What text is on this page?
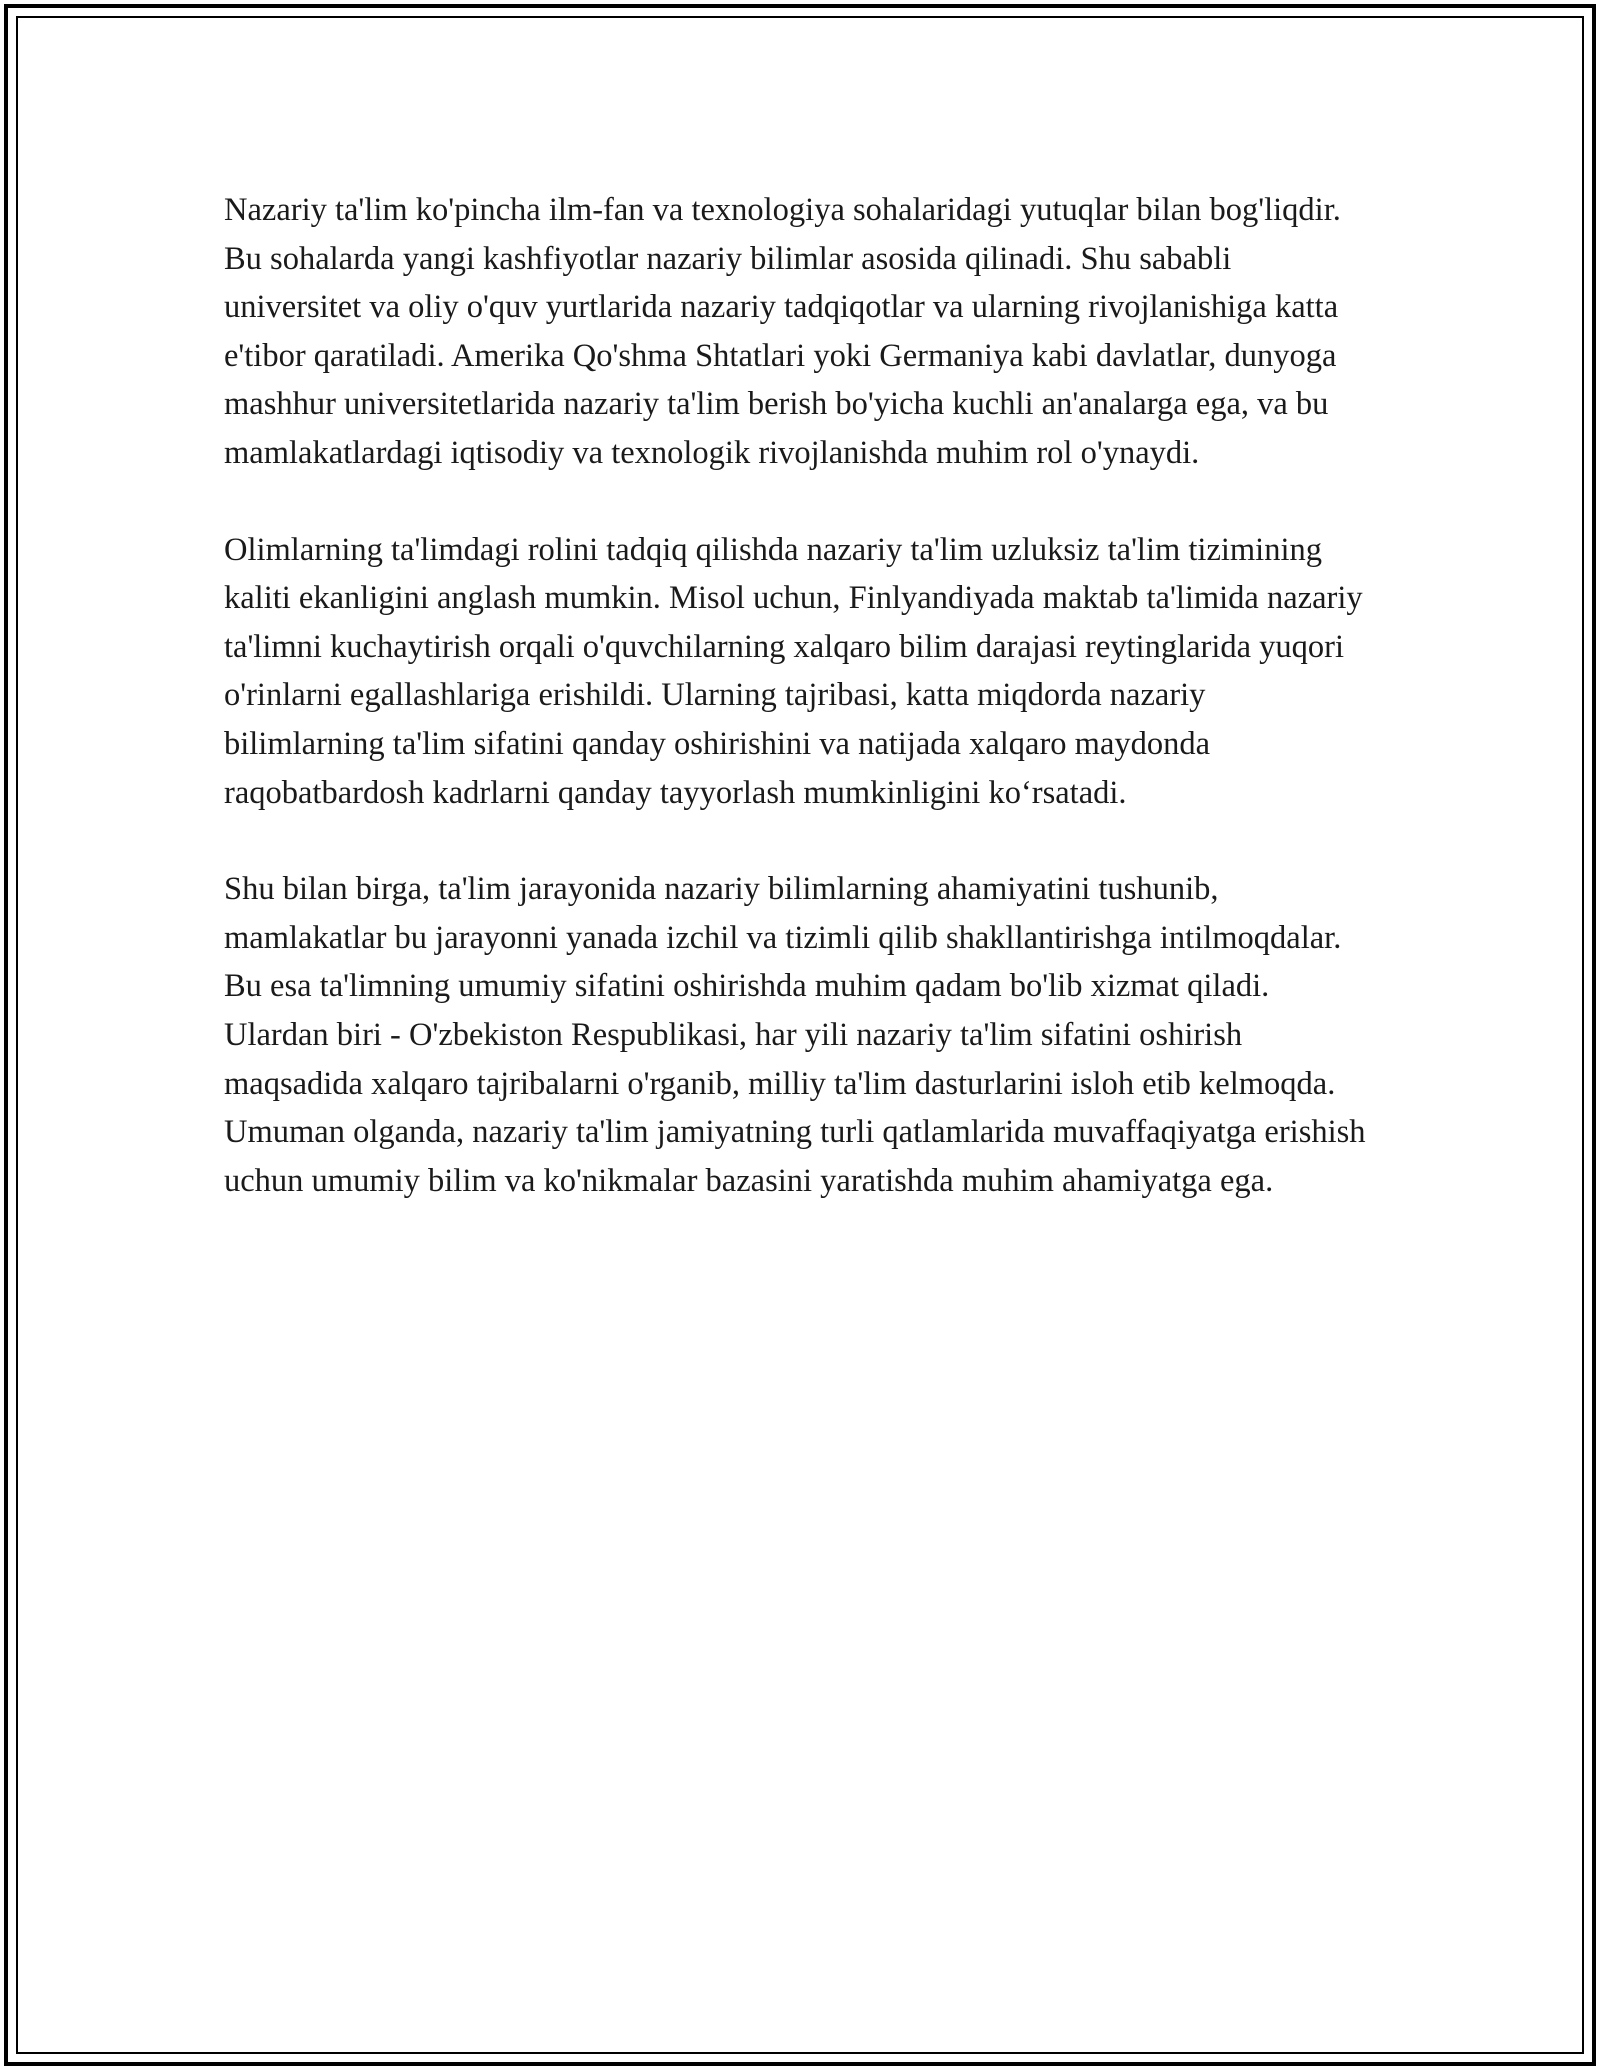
Nazariy ta'lim ko'pincha ilm-fan va texnologiya sohalaridagi yutuqlar bilan bog'liqdir. Bu sohalarda yangi kashfiyotlar nazariy bilimlar asosida qilinadi. Shu sababli universitet va oliy o'quv yurtlarida nazariy tadqiqotlar va ularning rivojlanishiga katta e'tibor qaratiladi. Amerika Qo'shma Shtatlari yoki Germaniya kabi davlatlar, dunyoga mashhur universitetlarida nazariy ta'lim berish bo'yicha kuchli an'analarga ega, va bu mamlakatlardagi iqtisodiy va texnologik rivojlanishda muhim rol o'ynaydi.

Olimlarning ta'limdagi rolini tadqiq qilishda nazariy ta'lim uzluksiz ta'lim tizimining kaliti ekanligini anglash mumkin. Misol uchun, Finlyandiyada maktab ta'limida nazariy ta'limni kuchaytirish orqali o'quvchilarning xalqaro bilim darajasi reytinglarida yuqori o'rinlarni egallashlariga erishildi. Ularning tajribasi, katta miqdorda nazariy bilimlarning ta'lim sifatini qanday oshirishini va natijada xalqaro maydonda raqobatbardosh kadrlarni qanday tayyorlash mumkinligini ko‘rsatadi.

Shu bilan birga, ta'lim jarayonida nazariy bilimlarning ahamiyatini tushunib, mamlakatlar bu jarayonni yanada izchil va tizimli qilib shakllantirishga intilmoqdalar. Bu esa ta'limning umumiy sifatini oshirishda muhim qadam bo'lib xizmat qiladi. Ulardan biri - O'zbekiston Respublikasi, har yili nazariy ta'lim sifatini oshirish maqsadida xalqaro tajribalarni o'rganib, milliy ta'lim dasturlarini isloh etib kelmoqda. Umuman olganda, nazariy ta'lim jamiyatning turli qatlamlarida muvaffaqiyatga erishish uchun umumiy bilim va ko'nikmalar bazasini yaratishda muhim ahamiyatga ega.
